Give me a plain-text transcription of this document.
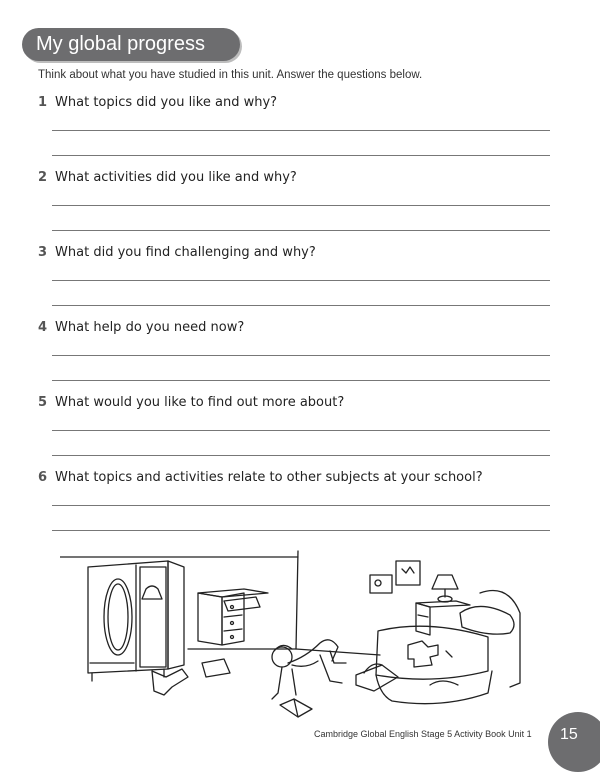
My global progress
Think about what you have studied in this unit. Answer the questions below.
1 What topics did you like and why?
2 What activities did you like and why?
3 What did you find challenging and why?
4 What help do you need now?
5 What would you like to find out more about?
6 What topics and activities relate to other subjects at your school?
Cambridge Global English Stage 5 Activity Book Unit 1	15
